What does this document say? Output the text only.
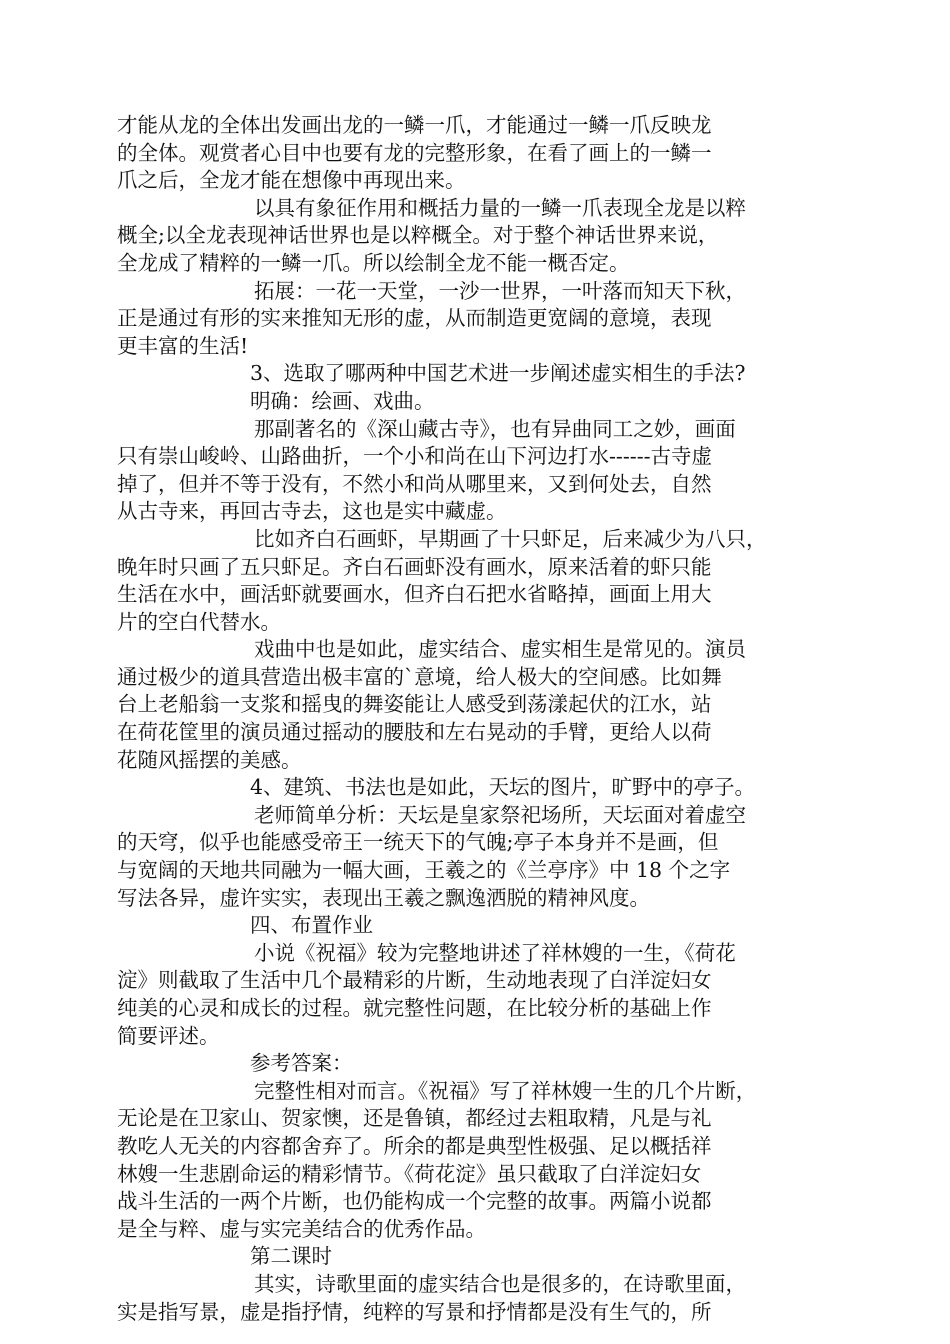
才能从龙的全体出发画出龙的一鳞一爪，才能通过一鳞一爪反映龙
的全体。观赏者心目中也要有龙的完整形象，在看了画上的一鳞一
爪之后，全龙才能在想像中再现出来。
以具有象征作用和概括力量的一鳞一爪表现全龙是以粹
概全;以全龙表现神话世界也是以粹概全。对于整个神话世界来说，
全龙成了精粹的一鳞一爪。所以绘制全龙不能一概否定。
拓展：一花一天堂，一沙一世界，一叶落而知天下秋，
正是通过有形的实来推知无形的虚，从而制造更宽阔的意境，表现
更丰富的生活!
3、选取了哪两种中国艺术进一步阐述虚实相生的手法?
明确：绘画、戏曲。
那副著名的《深山藏古寺》，也有异曲同工之妙，画面
只有崇山峻岭、山路曲折，一个小和尚在山下河边打水------古寺虚
掉了，但并不等于没有，不然小和尚从哪里来，又到何处去，自然
从古寺来，再回古寺去，这也是实中藏虚。
比如齐白石画虾，早期画了十只虾足，后来减少为八只，
晚年时只画了五只虾足。齐白石画虾没有画水，原来活着的虾只能
生活在水中，画活虾就要画水，但齐白石把水省略掉，画面上用大
片的空白代替水。
戏曲中也是如此，虚实结合、虚实相生是常见的。演员
通过极少的道具营造出极丰富的`意境，给人极大的空间感。比如舞
台上老船翁一支浆和摇曳的舞姿能让人感受到荡漾起伏的江水，站
在荷花筐里的演员通过摇动的腰肢和左右晃动的手臂，更给人以荷
花随风摇摆的美感。
4、建筑、书法也是如此，天坛的图片，旷野中的亭子。
老师简单分析：天坛是皇家祭祀场所，天坛面对着虚空
的天穹，似乎也能感受帝王一统天下的气魄;亭子本身并不是画，但
与宽阔的天地共同融为一幅大画，王羲之的《兰亭序》中 18 个之字
写法各异，虚许实实，表现出王羲之飘逸洒脱的精神风度。
四、布置作业
小说《祝福》较为完整地讲述了祥林嫂的一生，《荷花
淀》则截取了生活中几个最精彩的片断，生动地表现了白洋淀妇女
纯美的心灵和成长的过程。就完整性问题，在比较分析的基础上作
简要评述。
参考答案：
完整性相对而言。《祝福》写了祥林嫂一生的几个片断，
无论是在卫家山、贺家懊，还是鲁镇，都经过去粗取精，凡是与礼
教吃人无关的内容都舍弃了。所余的都是典型性极强、足以概括祥
林嫂一生悲剧命运的精彩情节。《荷花淀》虽只截取了白洋淀妇女
战斗生活的一两个片断，也仍能构成一个完整的故事。两篇小说都
是全与粹、虚与实完美结合的优秀作品。
第二课时
其实，诗歌里面的虚实结合也是很多的，在诗歌里面，
实是指写景，虚是指抒情，纯粹的写景和抒情都是没有生气的，所
